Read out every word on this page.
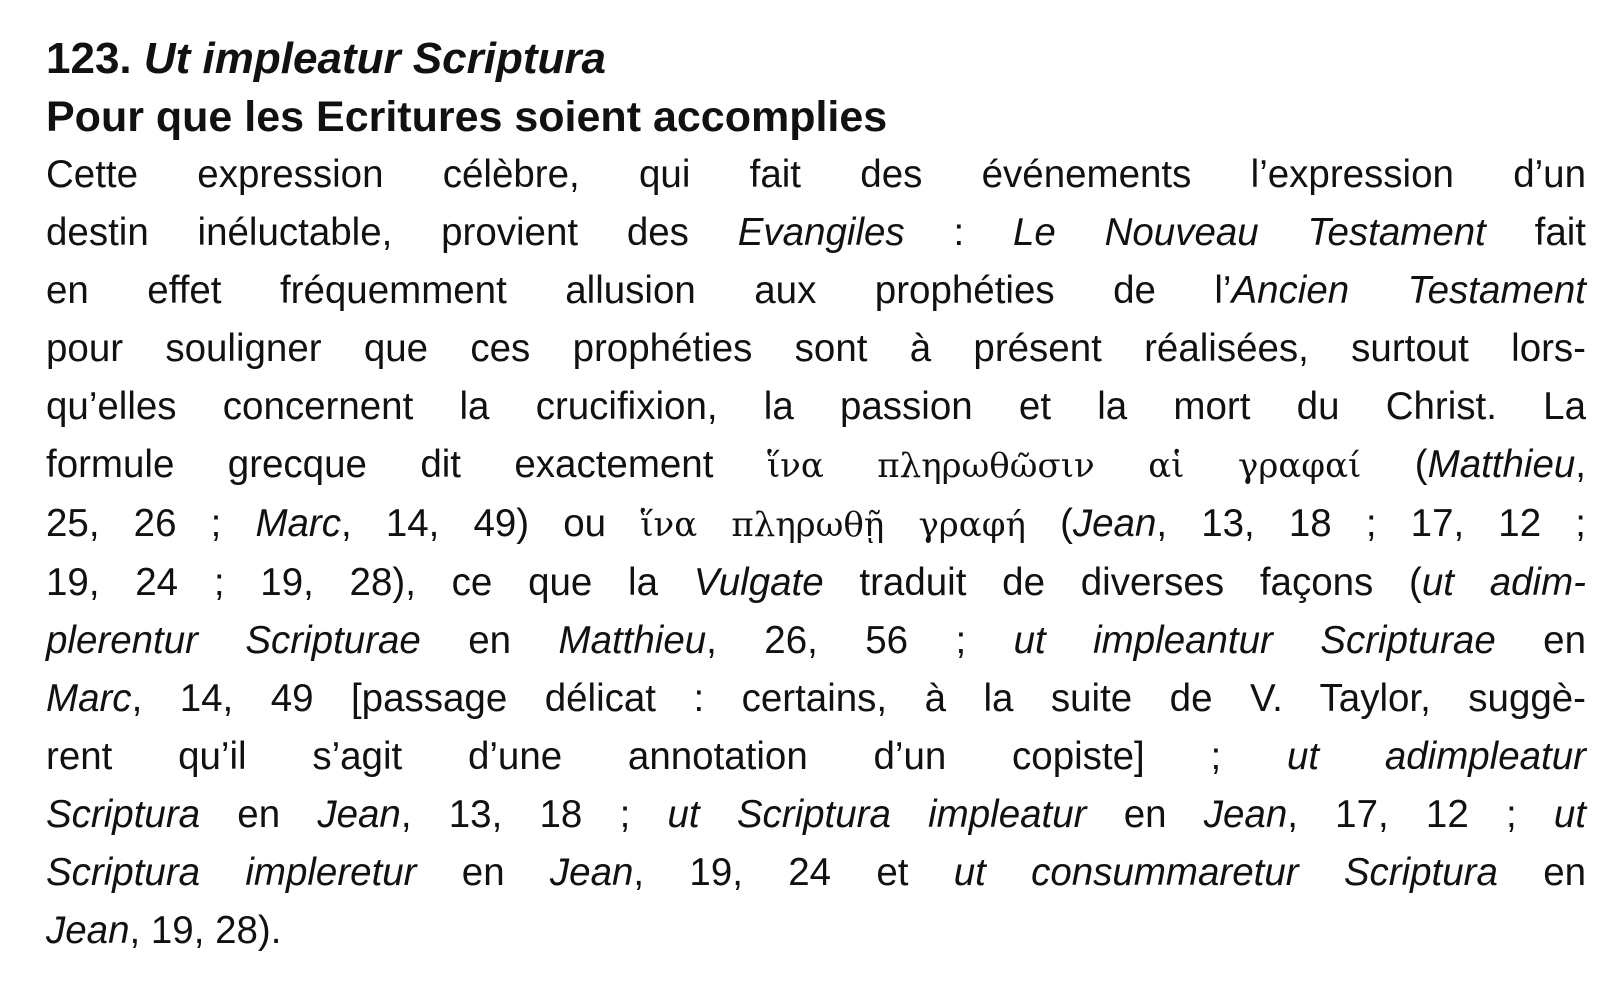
123. Ut impleatur Scriptura

Pour que les Ecritures soient accomplies

Cette expression célèbre, qui fait des événements l’expression d’un
destin inéluctable, provient des Evangiles : Le Nouveau Testament fait
en effet fréquemment allusion aux prophéties de l’Ancien Testament
pour souligner que ces prophéties sont à présent réalisées, surtout lors-
qu’elles concernent la crucifixion, la passion et la mort du Christ. La
formule grecque dit exactement ἵνα πληρωθῶσιν αἱ γραφαί (Matthieu,
25, 26 ; Marc, 14, 49) ou ἵνα πληρωθῇ γραφή (Jean, 13, 18 ; 17, 12 ;
19, 24 ; 19, 28), ce que la Vulgate traduit de diverses façons (ut adim-
plerentur Scripturae en Matthieu, 26, 56 ; ut impleantur Scripturae en
Marc, 14, 49 [passage délicat : certains, à la suite de V. Taylor, suggè-
rent qu’il s’agit d’une annotation d’un copiste] ; ut adimpleatur
Scriptura en Jean, 13, 18 ; ut Scriptura impleatur en Jean, 17, 12 ; ut
Scriptura impleretur en Jean, 19, 24 et ut consummaretur Scriptura en
Jean, 19, 28).
